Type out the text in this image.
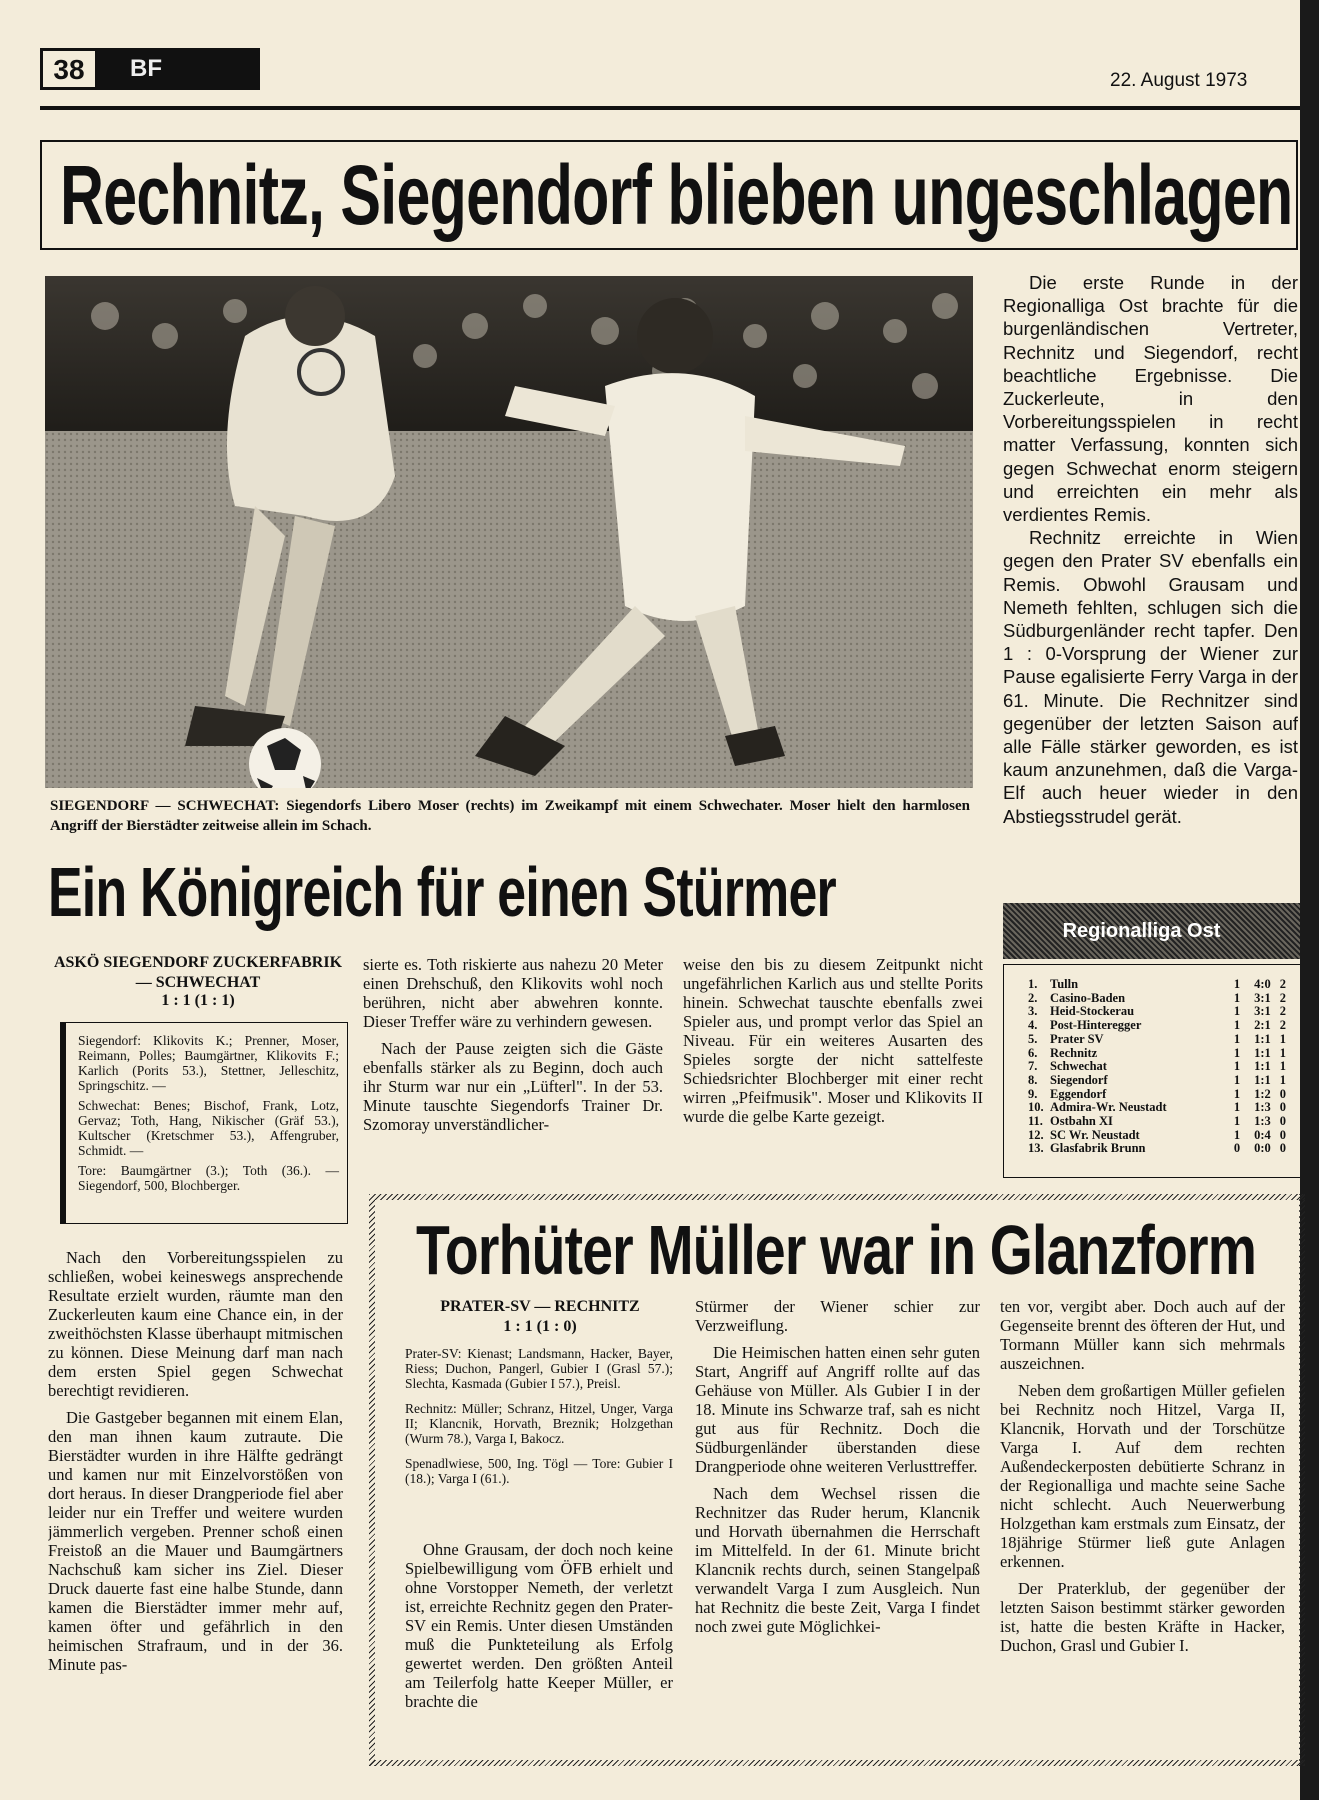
38	BF	22. August 1973
Rechnitz, Siegendorf blieben ungeschlagen
SIEGENDORF — SCHWECHAT: Siegendorfs Libero Moser (rechts) im Zweikampf mit einem Schwechater. Moser hielt den harmlosen Angriff der Bierstädter zeitweise allein im Schach.

Die erste Runde in der Regionalliga Ost brachte für die burgenländischen Vertreter, Rechnitz und Siegendorf, recht beachtliche Ergebnisse. Die Zuckerleute, in den Vorbereitungsspielen in recht matter Verfassung, konnten sich gegen Schwechat enorm steigern und erreichten ein mehr als verdientes Remis.

Rechnitz erreichte in Wien gegen den Prater SV ebenfalls ein Remis. Obwohl Grausam und Nemeth fehlten, schlugen sich die Südburgenländer recht tapfer. Den 1 : 0-Vorsprung der Wiener zur Pause egalisierte Ferry Varga in der 61. Minute. Die Rechnitzer sind gegenüber der letzten Saison auf alle Fälle stärker geworden, es ist kaum anzunehmen, daß die Varga-Elf auch heuer wieder in den Abstiegsstrudel gerät.

Regionalliga Ost
1.	Tulln	1	4:0	2
2.	Casino-Baden	1	3:1	2
3.	Heid-Stockerau	1	3:1	2
4.	Post-Hinteregger	1	2:1	2
5.	Prater SV	1	1:1	1
6.	Rechnitz	1	1:1	1
7.	Schwechat	1	1:1	1
8.	Siegendorf	1	1:1	1
9.	Eggendorf	1	1:2	0
10.	Admira-Wr. Neustadt	1	1:3	0
11.	Ostbahn XI	1	1:3	0
12.	SC Wr. Neustadt	1	0:4	0
13.	Glasfabrik Brunn	0	0:0	0
Ein Königreich für einen Stürmer
ASKÖ SIEGENDORF ZUCKERFABRIK — SCHWECHAT
1 : 1 (1 : 1)
Siegendorf: Klikovits K.; Prenner, Moser, Reimann, Polles; Baumgärtner, Klikovits F.; Karlich (Porits 53.), Stettner, Jelleschitz, Springschitz. —
Schwechat: Benes; Bischof, Frank, Lotz, Gervaz; Toth, Hang, Nikischer (Gräf 53.), Kultscher (Kretschmer 53.), Affengruber, Schmidt. —
Tore: Baumgärtner (3.); Toth (36.). — Siegendorf, 500, Blochberger.

Nach den Vorbereitungsspielen zu schließen, wobei keineswegs ansprechende Resultate erzielt wurden, räumte man den Zuckerleuten kaum eine Chance ein, in der zweithöchsten Klasse überhaupt mitmischen zu können. Diese Meinung darf man nach dem ersten Spiel gegen Schwechat berechtigt revidieren.

Die Gastgeber begannen mit einem Elan, den man ihnen kaum zutraute. Die Bierstädter wurden in ihre Hälfte gedrängt und kamen nur mit Einzelvorstößen von dort heraus. In dieser Drangperiode fiel aber leider nur ein Treffer und weitere wurden jämmerlich vergeben. Prenner schoß einen Freistoß an die Mauer und Baumgärtners Nachschuß kam sicher ins Ziel. Dieser Druck dauerte fast eine halbe Stunde, dann kamen die Bierstädter immer mehr auf, kamen öfter und gefährlich in den heimischen Strafraum, und in der 36. Minute pas-

sierte es. Toth riskierte aus nahezu 20 Meter einen Drehschuß, den Klikovits wohl noch berühren, nicht aber abwehren konnte. Dieser Treffer wäre zu verhindern gewesen.

Nach der Pause zeigten sich die Gäste ebenfalls stärker als zu Beginn, doch auch ihr Sturm war nur ein „Lüfterl". In der 53. Minute tauschte Siegendorfs Trainer Dr. Szomoray unverständlicher-

weise den bis zu diesem Zeitpunkt nicht ungefährlichen Karlich aus und stellte Porits hinein. Schwechat tauschte ebenfalls zwei Spieler aus, und prompt verlor das Spiel an Niveau. Für ein weiteres Ausarten des Spieles sorgte der nicht sattelfeste Schiedsrichter Blochberger mit einer recht wirren „Pfeifmusik". Moser und Klikovits II wurde die gelbe Karte gezeigt.

Torhüter Müller war in Glanzform
PRATER-SV — RECHNITZ
1 : 1 (1 : 0)
Prater-SV: Kienast; Landsmann, Hacker, Bayer, Riess; Duchon, Pangerl, Gubier I (Grasl 57.); Slechta, Kasmada (Gubier I 57.), Preisl.
Rechnitz: Müller; Schranz, Hitzel, Unger, Varga II; Klancnik, Horvath, Breznik; Holzgethan (Wurm 78.), Varga I, Bakocz.
Spenadlwiese, 500, Ing. Tögl — Tore: Gubier I (18.); Varga I (61.).

Ohne Grausam, der doch noch keine Spielbewilligung vom ÖFB erhielt und ohne Vorstopper Nemeth, der verletzt ist, erreichte Rechnitz gegen den Prater-SV ein Remis. Unter diesen Umständen muß die Punkteteilung als Erfolg gewertet werden. Den größten Anteil am Teilerfolg hatte Keeper Müller, er brachte die

Stürmer der Wiener schier zur Verzweiflung.

Die Heimischen hatten einen sehr guten Start, Angriff auf Angriff rollte auf das Gehäuse von Müller. Als Gubier I in der 18. Minute ins Schwarze traf, sah es nicht gut aus für Rechnitz. Doch die Südburgenländer überstanden diese Drangperiode ohne weiteren Verlusttreffer.

Nach dem Wechsel rissen die Rechnitzer das Ruder herum, Klancnik und Horvath übernahmen die Herrschaft im Mittelfeld. In der 61. Minute bricht Klancnik rechts durch, seinen Stangelpaß verwandelt Varga I zum Ausgleich. Nun hat Rechnitz die beste Zeit, Varga I findet noch zwei gute Möglichkei-

ten vor, vergibt aber. Doch auch auf der Gegenseite brennt des öfteren der Hut, und Tormann Müller kann sich mehrmals auszeichnen.

Neben dem großartigen Müller gefielen bei Rechnitz noch Hitzel, Varga II, Klancnik, Horvath und der Torschütze Varga I. Auf dem rechten Außendeckerposten debütierte Schranz in der Regionalliga und machte seine Sache nicht schlecht. Auch Neuerwerbung Holzgethan kam erstmals zum Einsatz, der 18jährige Stürmer ließ gute Anlagen erkennen.

Der Praterklub, der gegenüber der letzten Saison bestimmt stärker geworden ist, hatte die besten Kräfte in Hacker, Duchon, Grasl und Gubier I.
